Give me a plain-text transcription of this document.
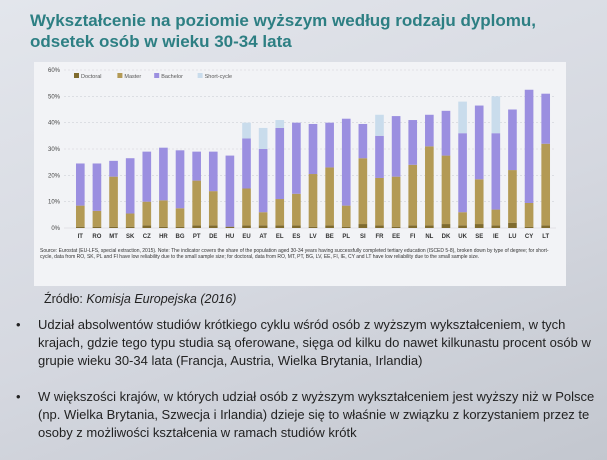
Wykształcenie na poziomie wyższym według rodzaju dyplomu, odsetek osób w wieku 30-34 lata
0%
10%
20%
30%
40%
50%
60%
IT RO MT SK CZ HR BG PT DE HU EU AT EL ES LV BE PL SI FR EE FI NL DK UK SE IE LU CY LT
Doctoral	Master	Bachelor	Short-cycle
Source: Eurostat (EU-LFS, special extraction, 2015). Note: The indicator covers the share of the population aged 30-34 years having successfully completed tertiary education (ISCED 5-8), broken down by type of degree; for short-cycle, data from RO, SK, PL and FI have low reliability due to the small sample size; for doctoral, data from RO, MT, PT, BG, LV, EE, FI, IE, CY and LT have low reliability due to the small sample size.
Źródło: Komisja Europejska (2016)
• Udział absolwentów studiów krótkiego cyklu wśród osób z wyższym wykształceniem, w tych krajach, gdzie tego typu studia są oferowane, sięga od kilku do nawet kilkunastu procent osób w grupie wieku 30-34 lata (Francja, Austria, Wielka Brytania, Irlandia)
• W większości krajów, w których udział osób z wyższym wykształceniem jest wyższy niż w Polsce (np. Wielka Brytania, Szwecja i Irlandia) dzieje się to właśnie w związku z korzystaniem przez te osoby z możliwości kształcenia w ramach studiów krótk
